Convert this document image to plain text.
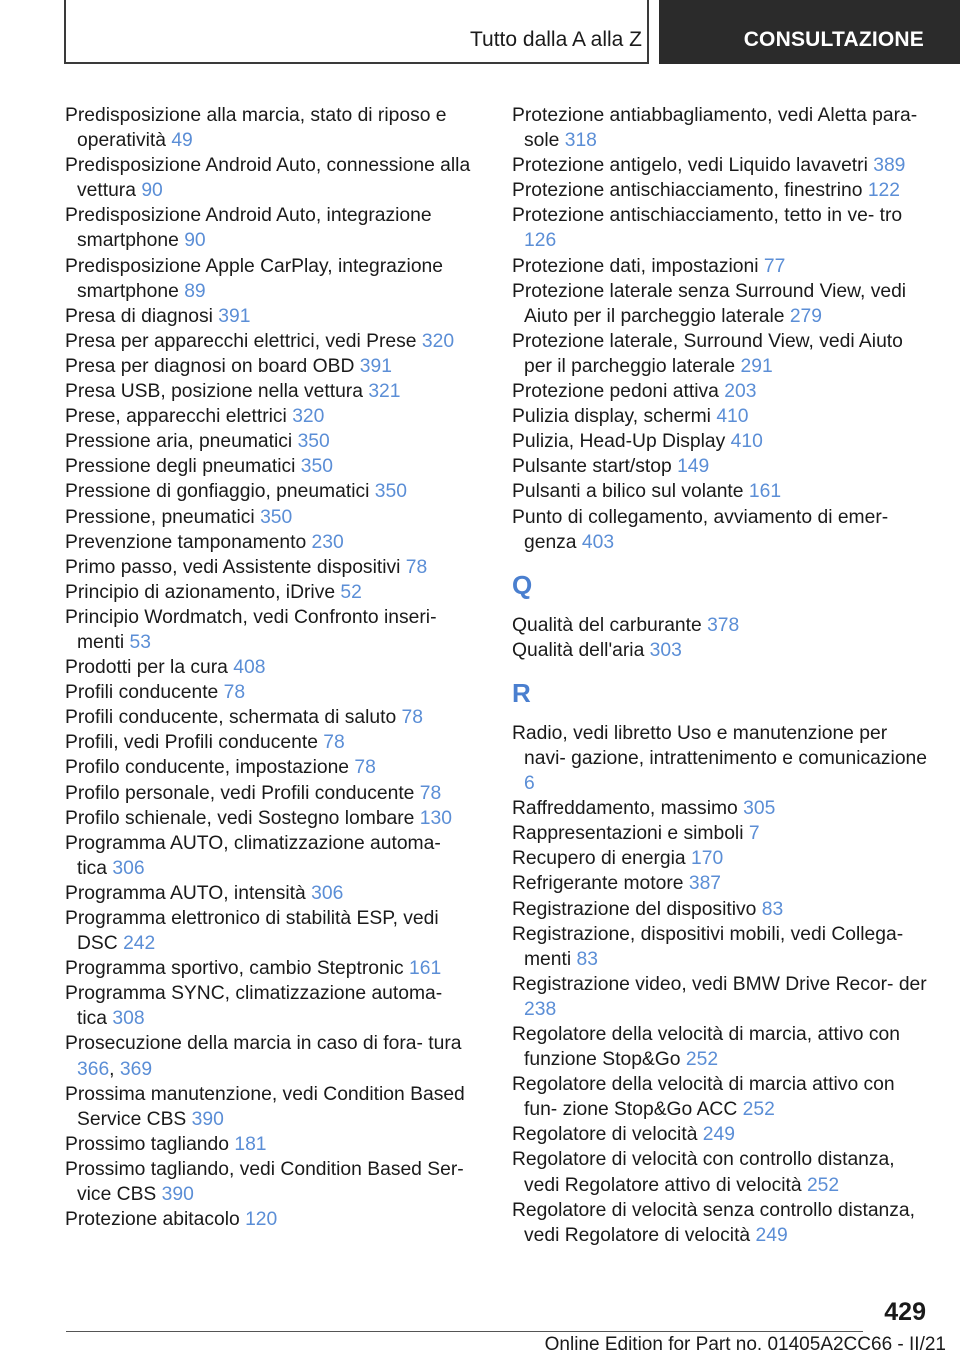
Tutto dalla A alla Z	CONSULTAZIONE
Predisposizione alla marcia, stato di riposo e operatività 49
Predisposizione Android Auto, connessione alla vettura 90
Predisposizione Android Auto, integrazione smartphone 90
Predisposizione Apple CarPlay, integrazione smartphone 89
Presa di diagnosi 391
Presa per apparecchi elettrici, vedi Prese 320
Presa per diagnosi on board OBD 391
Presa USB, posizione nella vettura 321
Prese, apparecchi elettrici 320
Pressione aria, pneumatici 350
Pressione degli pneumatici 350
Pressione di gonfiaggio, pneumatici 350
Pressione, pneumatici 350
Prevenzione tamponamento 230
Primo passo, vedi Assistente dispositivi 78
Principio di azionamento, iDrive 52
Principio Wordmatch, vedi Confronto inseri‐ menti 53
Prodotti per la cura 408
Profili conducente 78
Profili conducente, schermata di saluto 78
Profili, vedi Profili conducente 78
Profilo conducente, impostazione 78
Profilo personale, vedi Profili conducente 78
Profilo schienale, vedi Sostegno lombare 130
Programma AUTO, climatizzazione automa‐ tica 306
Programma AUTO, intensità 306
Programma elettronico di stabilità ESP, vedi DSC 242
Programma sportivo, cambio Steptronic 161
Programma SYNC, climatizzazione automa‐ tica 308
Prosecuzione della marcia in caso di fora‐ tura 366, 369
Prossima manutenzione, vedi Condition Based Service CBS 390
Prossimo tagliando 181
Prossimo tagliando, vedi Condition Based Ser‐ vice CBS 390
Protezione abitacolo 120
Protezione antiabbagliamento, vedi Aletta para‐ sole 318
Protezione antigelo, vedi Liquido lavavetri 389
Protezione antischiacciamento, finestrino 122
Protezione antischiacciamento, tetto in ve‐ tro 126
Protezione dati, impostazioni 77
Protezione laterale senza Surround View, vedi Aiuto per il parcheggio laterale 279
Protezione laterale, Surround View, vedi Aiuto per il parcheggio laterale 291
Protezione pedoni attiva 203
Pulizia display, schermi 410
Pulizia, Head-Up Display 410
Pulsante start/stop 149
Pulsanti a bilico sul volante 161
Punto di collegamento, avviamento di emer‐ genza 403
Q
Qualità del carburante 378
Qualità dell'aria 303
R
Radio, vedi libretto Uso e manutenzione per navi‐ gazione, intrattenimento e comunicazione 6
Raffreddamento, massimo 305
Rappresentazioni e simboli 7
Recupero di energia 170
Refrigerante motore 387
Registrazione del dispositivo 83
Registrazione, dispositivi mobili, vedi Collega‐ menti 83
Registrazione video, vedi BMW Drive Recor‐ der 238
Regolatore della velocità di marcia, attivo con funzione Stop&Go 252
Regolatore della velocità di marcia attivo con fun‐ zione Stop&Go ACC 252
Regolatore di velocità 249
Regolatore di velocità con controllo distanza, vedi Regolatore attivo di velocità 252
Regolatore di velocità senza controllo distanza, vedi Regolatore di velocità 249
429
Online Edition for Part no. 01405A2CC66 - II/21
